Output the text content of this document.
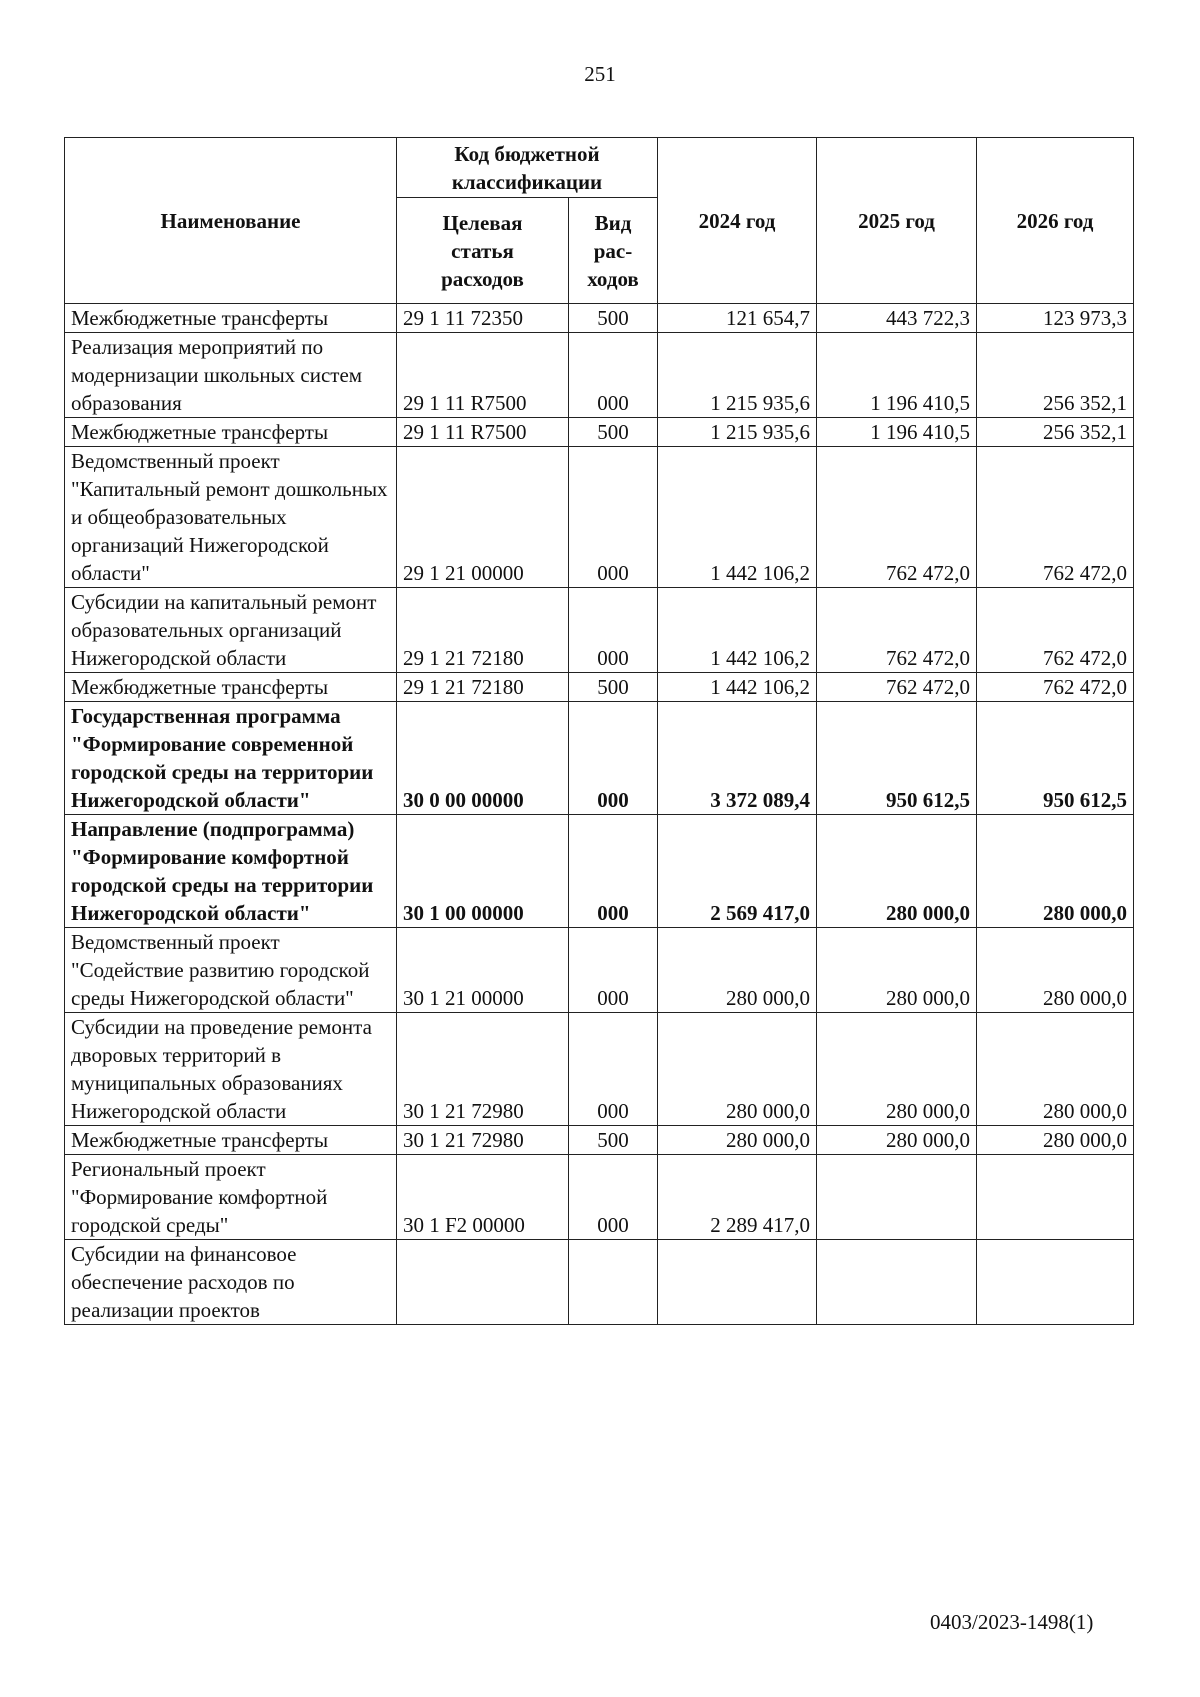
251
Наименование	Код бюджетной классификации		2024 год	2025 год	2026 год
	Целевая статья расходов	Вид рас-ходов			
Межбюджетные трансферты	29 1 11 72350	500	121 654,7	443 722,3	123 973,3
Реализация мероприятий по модернизации школьных систем образования	29 1 11 R7500	000	1 215 935,6	1 196 410,5	256 352,1
Межбюджетные трансферты	29 1 11 R7500	500	1 215 935,6	1 196 410,5	256 352,1
Ведомственный проект "Капитальный ремонт дошкольных и общеобразовательных организаций Нижегородской области"	29 1 21 00000	000	1 442 106,2	762 472,0	762 472,0
Субсидии на капитальный ремонт образовательных организаций Нижегородской области	29 1 21 72180	000	1 442 106,2	762 472,0	762 472,0
Межбюджетные трансферты	29 1 21 72180	500	1 442 106,2	762 472,0	762 472,0
Государственная программа "Формирование современной городской среды на территории Нижегородской области"	30 0 00 00000	000	3 372 089,4	950 612,5	950 612,5
Направление (подпрограмма) "Формирование комфортной городской среды на территории Нижегородской области"	30 1 00 00000	000	2 569 417,0	280 000,0	280 000,0
Ведомственный проект "Содействие развитию городской среды Нижегородской области"	30 1 21 00000	000	280 000,0	280 000,0	280 000,0
Субсидии на проведение ремонта дворовых территорий в муниципальных образованиях Нижегородской области	30 1 21 72980	000	280 000,0	280 000,0	280 000,0
Межбюджетные трансферты	30 1 21 72980	500	280 000,0	280 000,0	280 000,0
Региональный проект "Формирование комфортной городской среды"	30 1 F2 00000	000	2 289 417,0		
Субсидии на финансовое обеспечение расходов по реализации проектов					
0403/2023-1498(1)
